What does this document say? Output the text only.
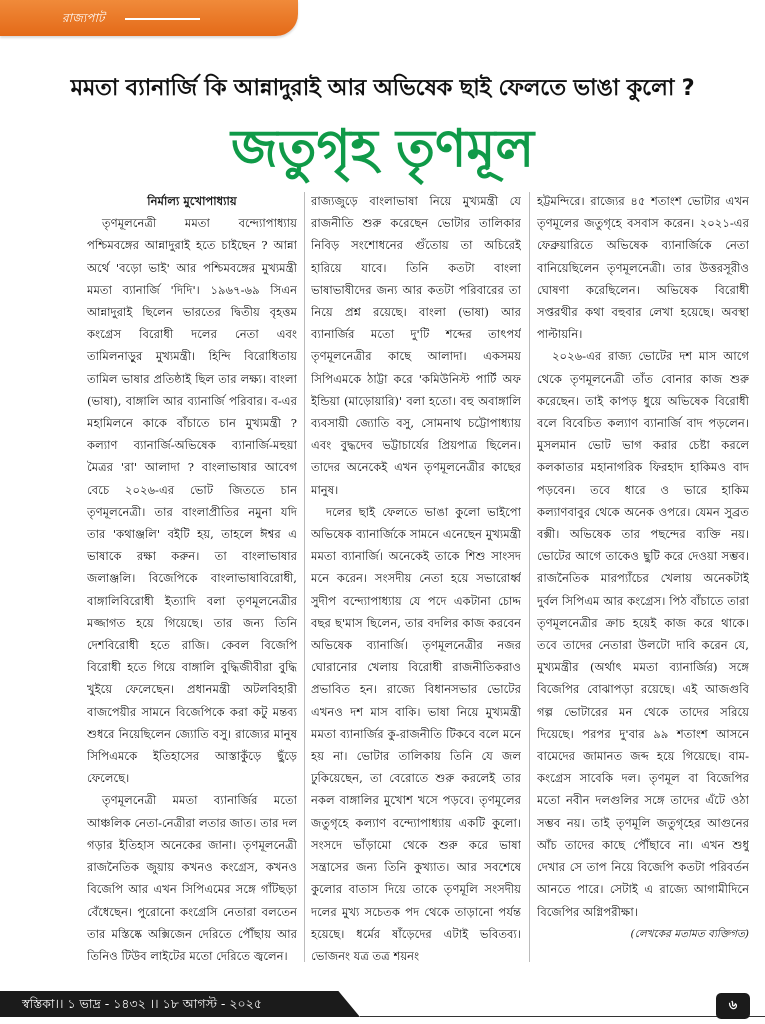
রাজ্যপাট
মমতা ব্যানার্জি কি আন্নাদুরাই আর অভিষেক ছাই ফেলতে ভাঙা কুলো ?
জতুগৃহ তৃণমূল

নির্মাল্য মুখোপাধ্যায়

তৃণমূলনেত্রী মমতা বন্দ্যোপাধ্যায় পশ্চিমবঙ্গের আন্নাদুরাই হতে চাইছেন ? আন্না অর্থে 'বড়ো ভাই' আর পশ্চিমবঙ্গের মুখ্যমন্ত্রী মমতা ব্যানার্জি 'দিদি'। ১৯৬৭-৬৯ সিএন আন্নাদুরাই ছিলেন ভারতের দ্বিতীয় বৃহত্তম কংগ্রেস বিরোধী দলের নেতা এবং তামিলনাড়ুর মুখ্যমন্ত্রী। হিন্দি বিরোধিতায় তামিল ভাষার প্রতিষ্ঠাই ছিল তার লক্ষ্য। বাংলা (ভাষা), বাঙ্গালি আর ব্যানার্জি পরিবার। ব-এর মহামিলনে কাকে বাঁচাতে চান মুখ্যমন্ত্রী ? কল্যাণ ব্যানার্জি-অভিষেক ব্যানার্জি-মহুয়া মৈত্রর 'রা' আলাদা ? বাংলাভাষার আবেগ বেচে ২০২৬-এর ভোট জিততে চান তৃণমূলনেত্রী। তার বাংলাপ্রীতির নমুনা যদি তার 'কথাঞ্জলি' বইটি হয়, তাহলে ঈশ্বর এ ভাষাকে রক্ষা করুন। তা বাংলাভাষার জলাঞ্জলি। বিজেপিকে বাংলাভাষাবিরোধী, বাঙ্গালিবিরোধী ইত্যাদি বলা তৃণমূলনেত্রীর মজ্জাগত হয়ে গিয়েছে। তার জন্য তিনি দেশবিরোধী হতে রাজি। কেবল বিজেপি বিরোধী হতে গিয়ে বাঙ্গালি বুদ্ধিজীবীরা বুদ্ধি খুইয়ে ফেলেছেন। প্রধানমন্ত্রী অটলবিহারী বাজপেয়ীর সামনে বিজেপিকে করা কটু মন্তব্য শুধরে নিয়েছিলেন জ্যোতি বসু। রাজ্যের মানুষ সিপিএমকে ইতিহাসের আস্তাকুঁড়ে ছুঁড়ে ফেলেছে।

তৃণমূলনেত্রী মমতা ব্যানার্জির মতো আঞ্চলিক নেতা-নেত্রীরা লতার জাত। তার দল গড়ার ইতিহাস অনেকের জানা। তৃণমূলনেত্রী রাজনৈতিক জুয়ায় কখনও কংগ্রেস, কখনও বিজেপি আর এখন সিপিএমের সঙ্গে গাঁটছড়া বেঁধেছেন। পুরোনো কংগ্রেসি নেতারা বলতেন তার মস্তিষ্কে অক্সিজেন দেরিতে পৌঁছায় আর তিনিও টিউব লাইটের মতো দেরিতে জ্বলেন।

রাজ্যজুড়ে বাংলাভাষা নিয়ে মুখ্যমন্ত্রী যে রাজনীতি শুরু করেছেন ভোটার তালিকার নিবিড় সংশোধনের গুঁতোয় তা অচিরেই হারিয়ে যাবে। তিনি কতটা বাংলা ভাষাভাষীদের জন্য আর কতটা পরিবারের তা নিয়ে প্রশ্ন রয়েছে। বাংলা (ভাষা) আর ব্যানার্জির মতো দু'টি শব্দের তাৎপর্য তৃণমূলনেত্রীর কাছে আলাদা। একসময় সিপিএমকে ঠাট্টা করে 'কমিউনিস্ট পার্টি অফ ইন্ডিয়া (মাড়োয়ারি)' বলা হতো। বহু অবাঙ্গালি ব্যবসায়ী জ্যোতি বসু, সোমনাথ চট্টোপাধ্যায় এবং বুদ্ধদেব ভট্টাচার্যের প্রিয়পাত্র ছিলেন। তাদের অনেকেই এখন তৃণমূলনেত্রীর কাছের মানুষ।

দলের ছাই ফেলতে ভাঙা কুলো ভাইপো অভিষেক ব্যানার্জিকে সামনে এনেছেন মুখ্যমন্ত্রী মমতা ব্যানার্জি। অনেকেই তাকে শিশু সাংসদ মনে করেন। সংসদীয় নেতা হয়ে সভারোর্ধ্ব সুদীপ বন্দ্যোপাধ্যায় যে পদে একটানা চোদ্দ বছর ছ'মাস ছিলেন, তার বদলির কাজ করবেন অভিষেক ব্যানার্জি। তৃণমূলনেত্রীর নজর ঘোরানোর খেলায় বিরোধী রাজনীতিকরাও প্রভাবিত হন। রাজ্যে বিধানসভার ভোটের এখনও দশ মাস বাকি। ভাষা নিয়ে মুখ্যমন্ত্রী মমতা ব্যানার্জির কু-রাজনীতি টিকবে বলে মনে হয় না। ভোটার তালিকায় তিনি যে জল ঢুকিয়েছেন, তা বেরোতে শুরু করলেই তার নকল বাঙ্গালির মুখোশ খসে পড়বে। তৃণমূলের জতুগৃহে কল্যাণ বন্দ্যোপাধ্যায় একটি কুলো। সংসদে ভাঁড়ামো থেকে শুরু করে ভাষা সন্ত্রাসের জন্য তিনি কুখ্যাত। আর সবশেষে কুলোর বাতাস দিয়ে তাকে তৃণমূলি সংসদীয় দলের মুখ্য সচেতক পদ থেকে তাড়ানো পর্যন্ত হয়েছে। ধর্মের ষাঁড়েদের এটাই ভবিতব্য। ভোজনং যত্র তত্র শয়নং

হট্টমন্দিরে। রাজ্যের ৪৫ শতাংশ ভোটার এখন তৃণমূলের জতুগৃহে বসবাস করেন। ২০২১-এর ফেব্রুয়ারিতে অভিষেক ব্যানার্জিকে নেতা বানিয়েছিলেন তৃণমূলনেত্রী। তার উত্তরসূরীও ঘোষণা করেছিলেন। অভিষেক বিরোধী সপ্তরথীর কথা বহুবার লেখা হয়েছে। অবস্থা পাল্টায়নি।

২০২৬-এর রাজ্য ভোটের দশ মাস আগে থেকে তৃণমূলনেত্রী তাঁত বোনার কাজ শুরু করেছেন। তাই কাপড় ধুয়ে অভিষেক বিরোধী বলে বিবেচিত কল্যাণ ব্যানার্জি বাদ পড়লেন। মুসলমান ভোট ভাগ করার চেষ্টা করলে কলকাতার মহানাগরিক ফিরহাদ হাকিমও বাদ পড়বেন। তবে ধারে ও ভারে হাকিম কল্যাণবাবুর থেকে অনেক ওপরে। যেমন সুব্রত বক্সী। অভিষেক তার পছন্দের ব্যক্তি নয়। ভোটের আগে তাকেও ছুটি করে দেওয়া সম্ভব। রাজনৈতিক মারপ্যাঁচের খেলায় অনেকটাই দুর্বল সিপিএম আর কংগ্রেস। পিঠ বাঁচাতে তারা তৃণমূলনেত্রীর ক্রাচ হয়েই কাজ করে থাকে। তবে তাদের নেতারা উলটো দাবি করেন যে, মুখ্যমন্ত্রীর (অর্থাৎ মমতা ব্যানার্জির) সঙ্গে বিজেপির বোঝাপড়া রয়েছে। এই আজগুবি গল্প ভোটারের মন থেকে তাদের সরিয়ে দিয়েছে। পরপর দু'বার ৯৯ শতাংশ আসনে বামেদের জামানত জব্দ হয়ে গিয়েছে। বাম-কংগ্রেস সাবেকি দল। তৃণমূল বা বিজেপির মতো নবীন দলগুলির সঙ্গে তাদের এঁটে ওঠা সম্ভব নয়। তাই তৃণমূলি জতুগৃহের আগুনের আঁচ তাদের কাছে পৌঁছাবে না। এখন শুধু দেখার সে তাপ নিয়ে বিজেপি কতটা পরিবর্তন আনতে পারে। সেটাই এ রাজ্যে আগামীদিনে বিজেপির অগ্নিপরীক্ষা।

(লেখকের মতামত ব্যক্তিগত)

স্বস্তিকা।। ১ ভাদ্র - ১৪৩২ ।। ১৮ আগস্ট - ২০২৫	৬
